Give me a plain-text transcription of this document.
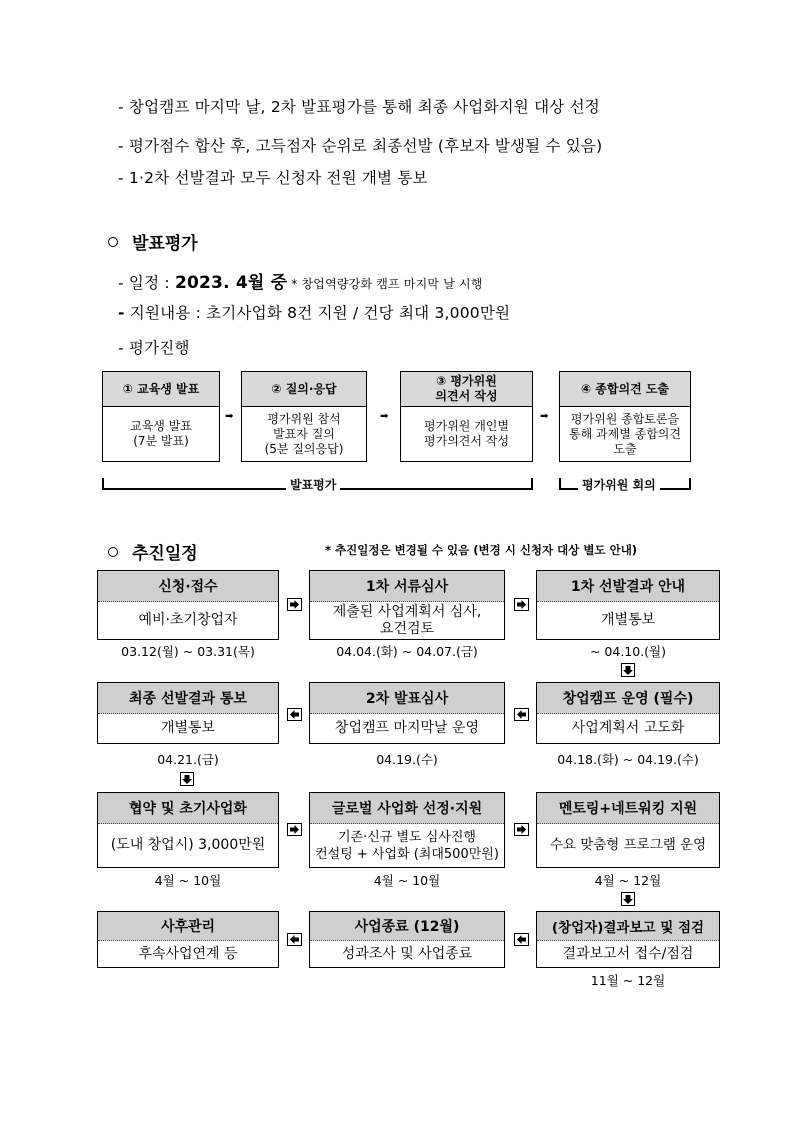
- 창업캠프 마지막 날, 2차 발표평가를 통해 최종 사업화지원 대상 선정
- 평가점수 합산 후, 고득점자 순위로 최종선발 (후보자 발생될 수 있음)
- 1·2차 선발결과 모두 신청자 전원 개별 통보
발표평가
- 일정 : 2023. 4월 중 * 창업역량강화 캠프 마지막 날 시행
- 지원내용 : 초기사업화 8건 지원 / 건당 최대 3,000만원
- 평가진행
① 교육생 발표
교육생 발표
(7분 발표)
➡
② 질의·응답
평가위원 참석
발표자 질의
(5분 질의응답)
➡
③ 평가위원
의견서 작성
평가위원 개인별
평가의견서 작성
➡
④ 종합의견 도출
평가위원 종합토론을
통해 과제별 종합의견
도출
발표평가	평가위원 회의
추진일정	* 추진일정은 변경될 수 있음 (변경 시 신청자 대상 별도 안내)
신청·접수
예비·초기창업자
03.12(월) ~ 03.31(목)
1차 서류심사
제출된 사업계획서 심사,
요건검토
04.04.(화) ~ 04.07.(금)
1차 선발결과 안내
개별통보
~ 04.10.(월)
최종 선발결과 통보
개별통보
04.21.(금)
2차 발표심사
창업캠프 마지막날 운영
04.19.(수)
창업캠프 운영 (필수)
사업계획서 고도화
04.18.(화) ~ 04.19.(수)
협약 및 초기사업화
(도내 창업시) 3,000만원
4월 ~ 10월
글로벌 사업화 선정·지원
기존·신규 별도 심사진행
컨설팅 + 사업화 (최대500만원)
4월 ~ 10월
멘토링+네트워킹 지원
수요 맞춤형 프로그램 운영
4월 ~ 12월
사후관리
후속사업연계 등
사업종료 (12월)
성과조사 및 사업종료
(창업자)결과보고 및 점검
결과보고서 접수/점검
11월 ~ 12월
